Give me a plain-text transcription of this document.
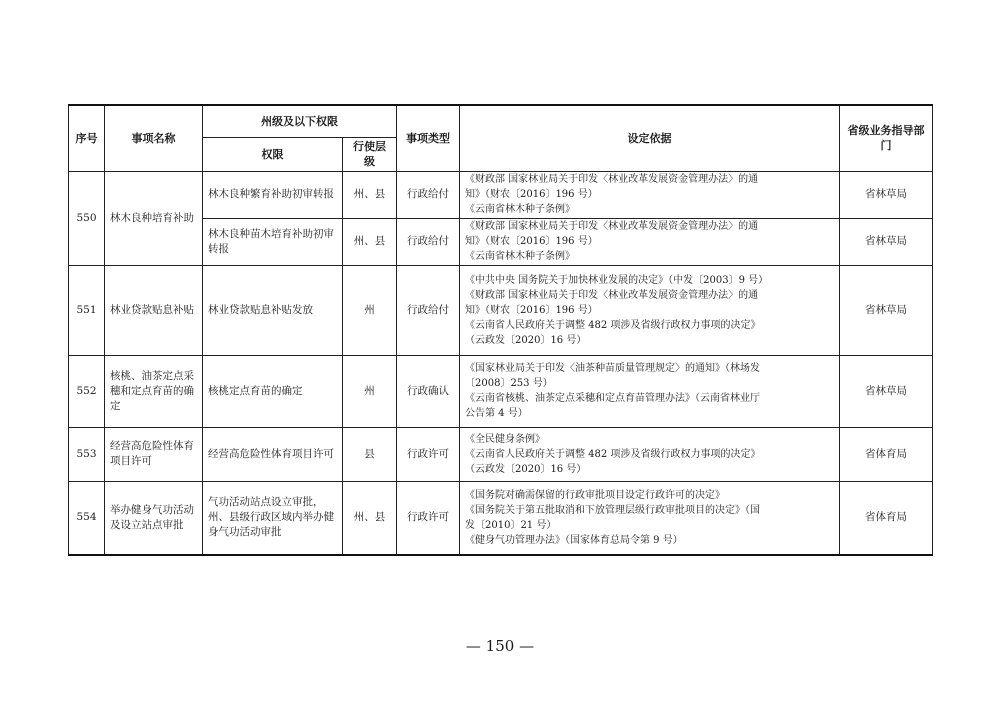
序号	事项名称	州级及以下权限		事项类型	设定依据	省级业务指导部门
		权限	行使层级			
550	林木良种培育补助	林木良种繁育补助初审转报	州、县	行政给付	《财政部 国家林业局关于印发〈林业改革发展资金管理办法〉的通
知》（财农〔2016〕196 号）
《云南省林木种子条例》	省林草局
		林木良种苗木培育补助初审转报	州、县	行政给付	《财政部 国家林业局关于印发〈林业改革发展资金管理办法〉的通
知》（财农〔2016〕196 号）
《云南省林木种子条例》	省林草局
551	林业贷款贴息补贴	林业贷款贴息补贴发放	州	行政给付	《中共中央 国务院关于加快林业发展的决定》（中发〔2003〕9 号）
《财政部 国家林业局关于印发〈林业改革发展资金管理办法〉的通
知》（财农〔2016〕196 号）
《云南省人民政府关于调整 482 项涉及省级行政权力事项的决定》
（云政发〔2020〕16 号）	省林草局
552	核桃、油茶定点采穗和定点育苗的确定	核桃定点育苗的确定	州	行政确认	《国家林业局关于印发〈油茶种苗质量管理规定〉的通知》（林场发
〔2008〕253 号）
《云南省核桃、油茶定点采穗和定点育苗管理办法》（云南省林业厅
公告第 4 号）	省林草局
553	经营高危险性体育项目许可	经营高危险性体育项目许可	县	行政许可	《全民健身条例》
《云南省人民政府关于调整 482 项涉及省级行政权力事项的决定》
（云政发〔2020〕16 号）	省体育局
554	举办健身气功活动及设立站点审批	气功活动站点设立审批，州、县级行政区域内举办健身气功活动审批	州、县	行政许可	《国务院对确需保留的行政审批项目设定行政许可的决定》
《国务院关于第五批取消和下放管理层级行政审批项目的决定》（国
发〔2010〕21 号）
《健身气功管理办法》（国家体育总局令第 9 号）	省体育局
— 150 —
